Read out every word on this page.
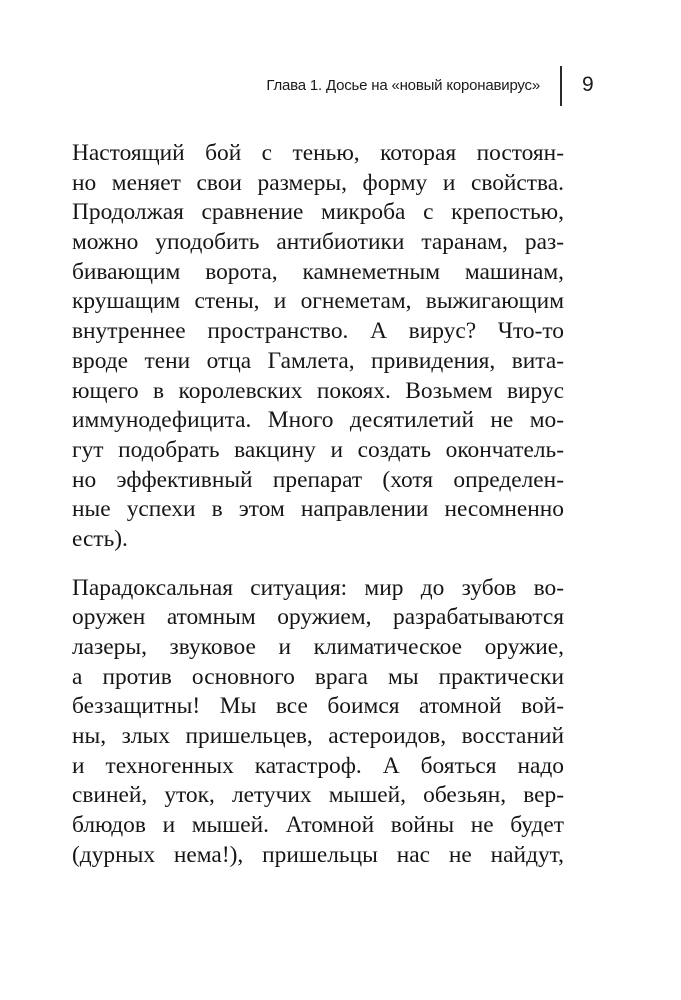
Глава 1. Досье на «новый коронавирус» 9
Настоящий бой с тенью, которая постоян-
но меняет свои размеры, форму и свойства.
Продолжая сравнение микроба с крепостью,
можно уподобить антибиотики таранам, раз-
бивающим ворота, камнеметным машинам,
крушащим стены, и огнеметам, выжигающим
внутреннее пространство. А вирус? Что-то
вроде тени отца Гамлета, привидения, вита-
ющего в королевских покоях. Возьмем вирус
иммунодефицита. Много десятилетий не мо-
гут подобрать вакцину и создать окончатель-
но эффективный препарат (хотя определен-
ные успехи в этом направлении несомненно
есть).
Парадоксальная ситуация: мир до зубов во-
оружен атомным оружием, разрабатываются
лазеры, звуковое и климатическое оружие,
а против основного врага мы практически
беззащитны! Мы все боимся атомной вой-
ны, злых пришельцев, астероидов, восстаний
и техногенных катастроф. А бояться надо
свиней, уток, летучих мышей, обезьян, вер-
блюдов и мышей. Атомной войны не будет
(дурных нема!), пришельцы нас не найдут,
